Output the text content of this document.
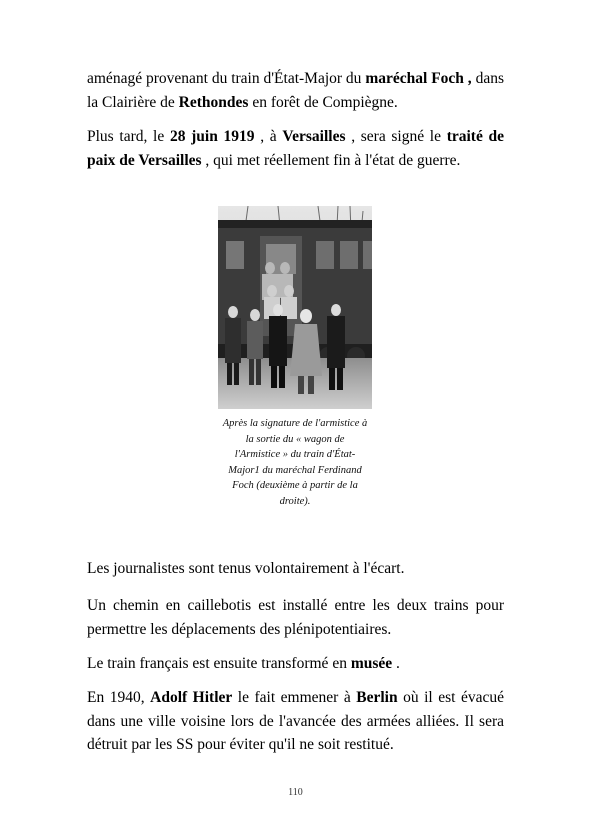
aménagé provenant du train d'État-Major du maréchal Foch , dans la Clairière de Rethondes en forêt de Compiègne.

Plus tard, le 28 juin 1919 , à Versailles , sera signé le traité de paix de Versailles , qui met réellement fin à l'état de guerre.

Après la signature de l'armistice à la sortie du « wagon de l'Armistice » du train d'État-Major1 du maréchal Ferdinand Foch (deuxième à partir de la droite).

Les journalistes sont tenus volontairement à l'écart.

Un chemin en caillebotis est installé entre les deux trains pour permettre les déplacements des plénipotentiaires.

Le train français est ensuite transformé en musée .

En 1940, Adolf Hitler le fait emmener à Berlin où il est évacué dans une ville voisine lors de l'avancée des armées alliées. Il sera détruit par les SS pour éviter qu'il ne soit restitué.

110
